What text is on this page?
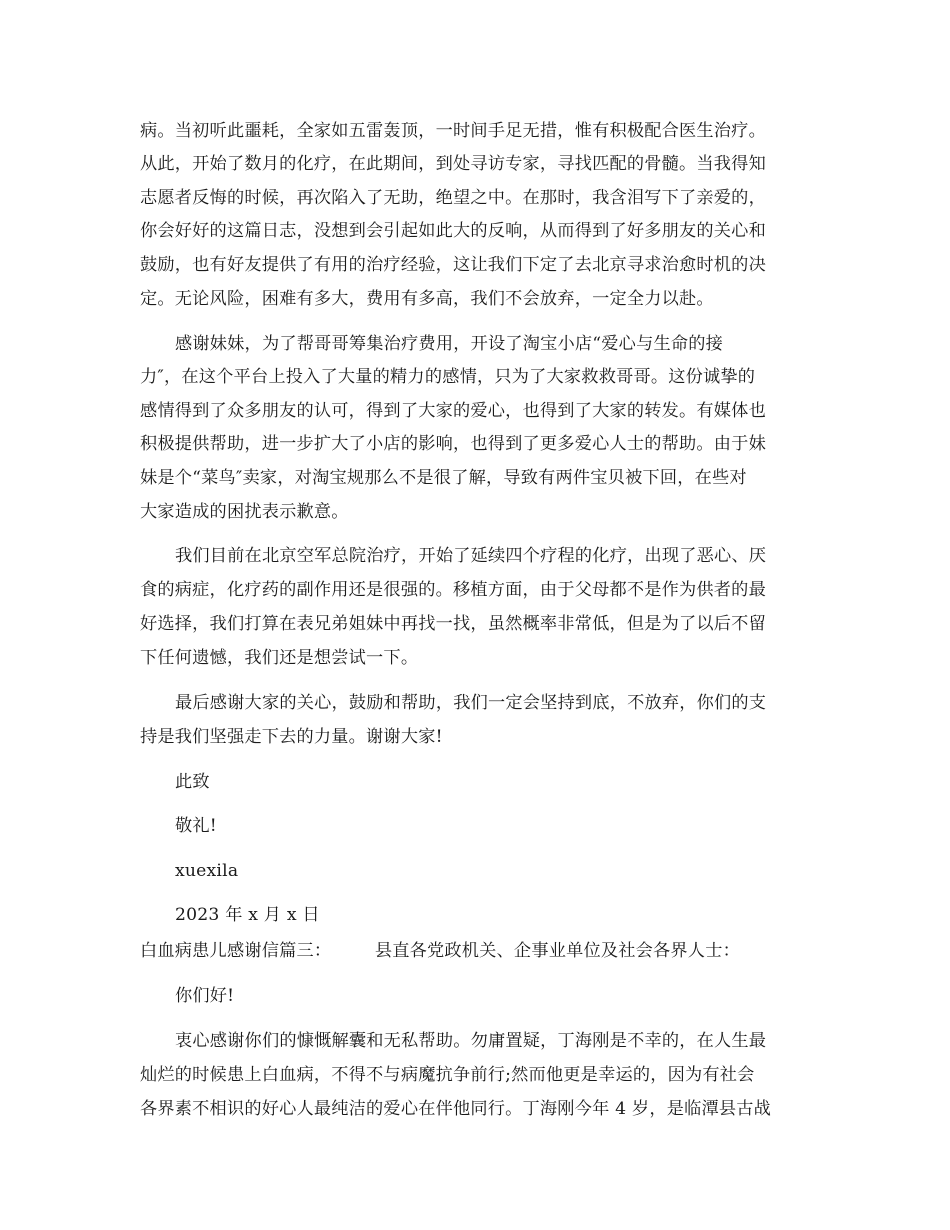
病。当初听此噩耗，全家如五雷轰顶，一时间手足无措，惟有积极配合医生治疗。
从此，开始了数月的化疗，在此期间，到处寻访专家，寻找匹配的骨髓。当我得知
志愿者反悔的时候，再次陷入了无助，绝望之中。在那时，我含泪写下了亲爱的，
你会好好的这篇日志，没想到会引起如此大的反响，从而得到了好多朋友的关心和
鼓励，也有好友提供了有用的治疗经验，这让我们下定了去北京寻求治愈时机的决
定。无论风险，困难有多大，费用有多高，我们不会放弃，一定全力以赴。
感谢妹妹，为了帮哥哥筹集治疗费用，开设了淘宝小店“爱心与生命的接
力″，在这个平台上投入了大量的精力的感情，只为了大家救救哥哥。这份诚挚的
感情得到了众多朋友的认可，得到了大家的爱心，也得到了大家的转发。有媒体也
积极提供帮助，进一步扩大了小店的影响，也得到了更多爱心人士的帮助。由于妹
妹是个“菜鸟″卖家，对淘宝规那么不是很了解，导致有两件宝贝被下回，在些对
大家造成的困扰表示歉意。
我们目前在北京空军总院治疗，开始了延续四个疗程的化疗，出现了恶心、厌
食的病症，化疗药的副作用还是很强的。移植方面，由于父母都不是作为供者的最
好选择，我们打算在表兄弟姐妹中再找一找，虽然概率非常低，但是为了以后不留
下任何遗憾，我们还是想尝试一下。
最后感谢大家的关心，鼓励和帮助，我们一定会坚持到底，不放弃，你们的支
持是我们坚强走下去的力量。谢谢大家!
此致
敬礼!
xuexila
2023 年 x 月 x 日
白血病患儿感谢信篇三：　　　县直各党政机关、企事业单位及社会各界人士：
你们好!
衷心感谢你们的慷慨解囊和无私帮助。勿庸置疑，丁海刚是不幸的，在人生最
灿烂的时候患上白血病，不得不与病魔抗争前行;然而他更是幸运的，因为有社会
各界素不相识的好心人最纯洁的爱心在伴他同行。丁海刚今年 4 岁，是临潭县古战
